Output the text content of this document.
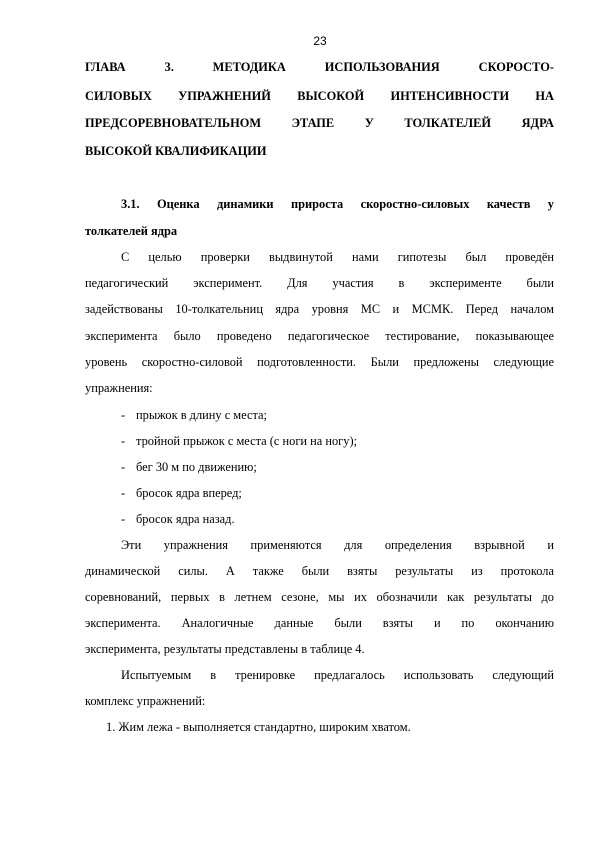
23
ГЛАВА 3. МЕТОДИКА ИСПОЛЬЗОВАНИЯ СКОРОСТО-
СИЛОВЫХ УПРАЖНЕНИЙ ВЫСОКОЙ ИНТЕНСИВНОСТИ НА
ПРЕДСОРЕВНОВАТЕЛЬНОМ ЭТАПЕ У ТОЛКАТЕЛЕЙ ЯДРА
ВЫСОКОЙ КВАЛИФИКАЦИИ
3.1. Оценка динамики прироста скоростно-силовых качеств у
толкателей ядра
С целью проверки выдвинутой нами гипотезы был проведён
педагогический эксперимент. Для участия в эксперименте были
задействованы 10-толкательниц ядра уровня МС и МСМК. Перед началом
эксперимента было проведено педагогическое тестирование, показывающее
уровень скоростно-силовой подготовленности. Были предложены следующие
упражнения:
- прыжок в длину с места;
- тройной прыжок с места (с ноги на ногу);
- бег 30 м по движению;
- бросок ядра вперед;
- бросок ядра назад.
Эти упражнения применяются для определения взрывной и
динамической силы. А также были взяты результаты из протокола
соревнований, первых в летнем сезоне, мы их обозначили как результаты до
эксперимента. Аналогичные данные были взяты и по окончанию
эксперимента, результаты представлены в таблице 4.
Испытуемым в тренировке предлагалось использовать следующий
комплекс упражнений:
1. Жим лежа - выполняется стандартно, широким хватом.
